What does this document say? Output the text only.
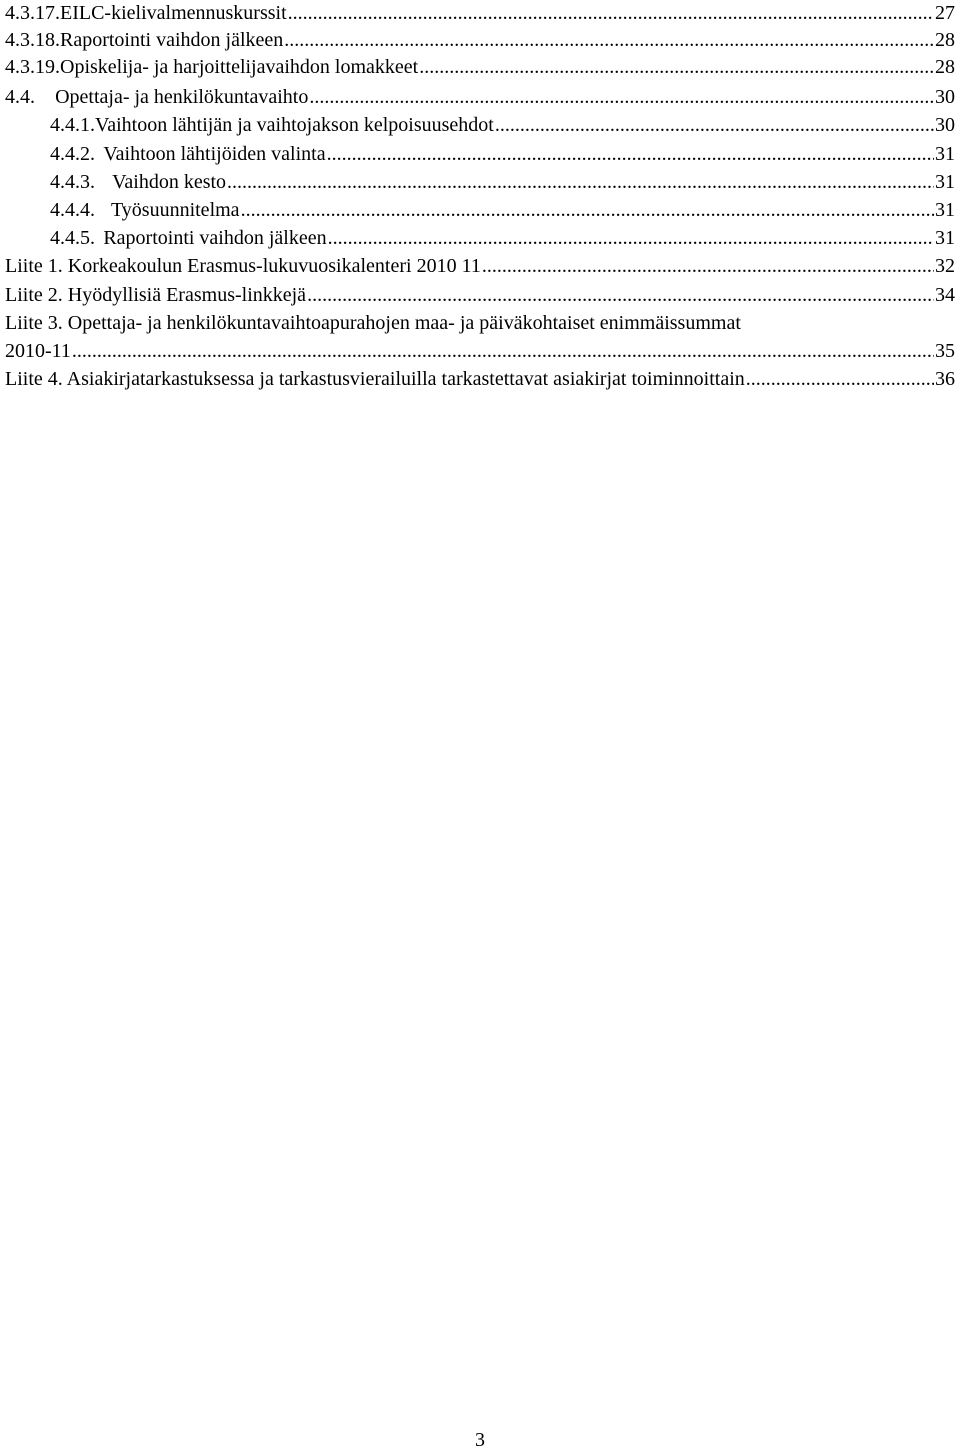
4.3.17. EILC-kielivalmennuskurssit .....	27
4.3.18. Raportointi vaihdon jälkeen .....	28
4.3.19. Opiskelija- ja harjoittelijavaihdon lomakkeet .....	28
4.4.	Opettaja- ja henkilökuntavaihto .....	30
4.4.1. Vaihtoon lähtijän ja vaihtojakson kelpoisuusehdot .....	30
4.4.2. Vaihtoon lähtijöiden valinta .....	31
4.4.3. Vaihdon kesto .....	31
4.4.4. Työsuunnitelma .....	31
4.4.5. Raportointi vaihdon jälkeen .....	31
Liite 1. Korkeakoulun Erasmus-lukuvuosikalenteri 2010 11 .....	32
Liite 2. Hyödyllisiä Erasmus-linkkejä .....	34
Liite 3. Opettaja- ja henkilökuntavaihtoapurahojen maa- ja päiväkohtaiset enimmäissummat
2010-11 .....	35
Liite 4. Asiakirjatarkastuksessa ja tarkastusvierailuilla tarkastettavat asiakirjat toiminnoittain .....	36
3
